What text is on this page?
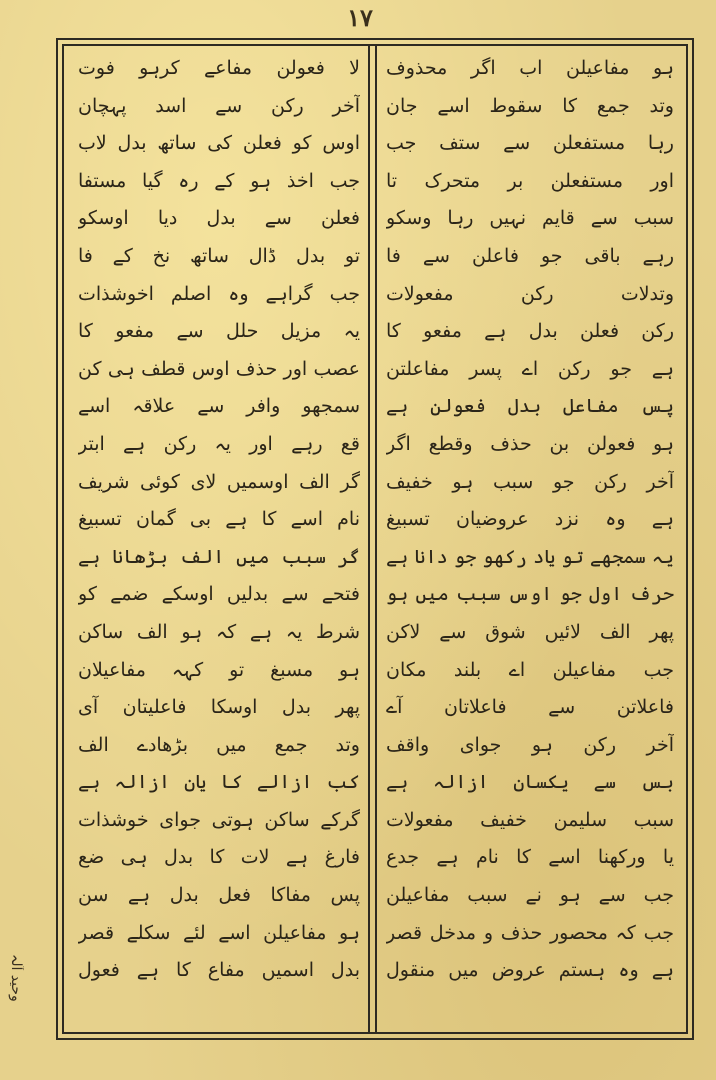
۱۷
ہو مفاعیلن اب اگر محذوف
وتد جمع کا سقوط اسے جان
رہا مستفعلن سے ستف جب
اور مستفعلن بر متحرک تا
سبب سے قایم نہیں رہا وسکو
رہے باقی جو فاعلن سے فا
وتدلات رکن مفعولات
رکن فعلن بدل ہے مفعو کا
ہے جو رکن اے پسر مفاعلتن
پس مفاعل بدل فعولن ہے
ہو فعولن بن حذف وقطع اگر
آخر رکن جو سبب ہو خفیف
ہے وہ نزد عروضیان تسبیغ
یہ سمجھے تو یاد رکھو جو دانا ہے
حرف اول جو اوس سبب میں ہو
پھر الف لائیں شوق سے لاکن
جب مفاعیلن اے بلند مکان
فاعلاتن سے فاعلاتان آے
آخر رکن ہو جوای واقف
بس سے یکسان ازالہ ہے
سبب سلیمن خفیف مفعولات
یا ورکھنا اسے کا نام ہے جدع
جب سے ہو نے سبب مفاعیلن
جب کہ محصور حذف و مدخل قصر
ہے وہ ہستم عروض میں منقول
لا فعولن مفاعے کرہو فوت
آخر رکن سے اسد پہچان
اوس کو فعلن کی ساتھ بدل لاب
جب اخذ ہو کے رہ گیا مستفا
فعلن سے بدل دیا اوسکو
تو بدل ڈال ساتھ نخ کے فا
جب گراہے وہ اصلم اخوشذات
یہ مزیل حلل سے مفعو کا
عصب اور حذف اوس قطف ہی کن
سمجھو وافر سے علاقہ اسے
قع رہے اور یہ رکن ہے ابتر
گر الف اوسمیں لای کوئی شریف
نام اسے کا ہے بی گمان تسبیغ
گر سبب میں الف بڑھانا ہے
فتحے سے بدلیں اوسکے ضمے کو
شرط یہ ہے کہ ہو الف ساکن
ہو مسبغ تو کہہ مفاعیلان
پھر بدل اوسکا فاعلیتان آی
وتد جمع میں بڑھادے الف
کب ازالے کا یان ازالہ ہے
گرکے ساکن ہوتی جوای خوشذات
فارغ ہے لات کا بدل ہی ضع
پس مفاکا فعل بدل ہے سن
ہو مفاعیلن اسے لئے سکلے قصر
بدل اسمیں مفاع کا ہے فعول
وحید آلہ
